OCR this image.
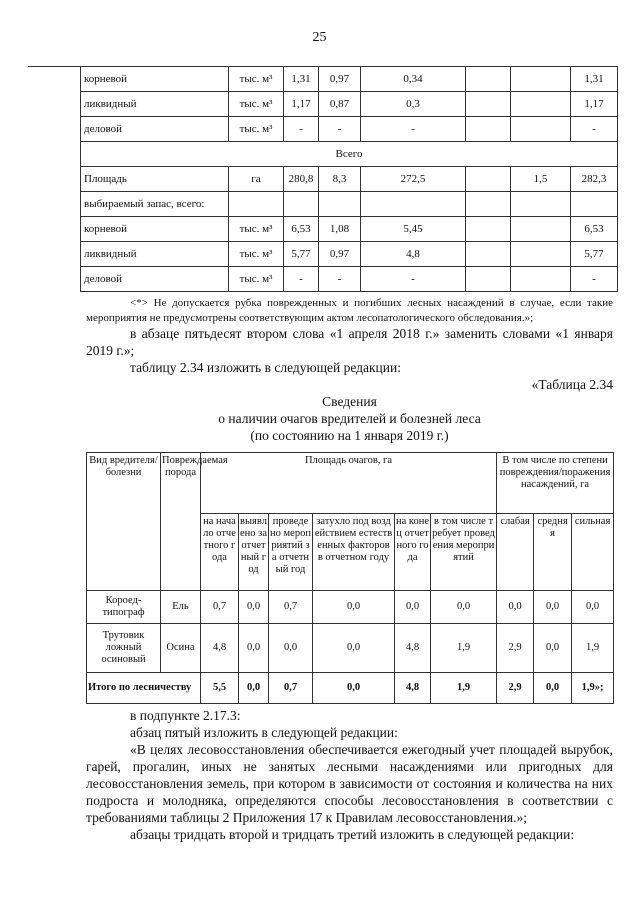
25
корневой	тыс. м³	1,31	0,97	0,34			1,31
ликвидный	тыс. м³	1,17	0,87	0,3			1,17
деловой	тыс. м³	-	-	-			-
Всего							
Площадь	га	280,8	8,3	272,5		1,5	282,3
выбираемый запас, всего:							
корневой	тыс. м³	6,53	1,08	5,45			6,53
ликвидный	тыс. м³	5,77	0,97	4,8			5,77
деловой	тыс. м³	-	-	-			-
<*> Не допускается рубка поврежденных и погибших лесных насаждений в случае, если такие мероприятия не предусмотрены соответствующим актом лесопатологического обследования.»;
в абзаце пятьдесят втором слова «1 апреля 2018 г.» заменить словами «1 января 2019 г.»;
таблицу 2.34 изложить в следующей редакции:
«Таблица 2.34
Сведения
о наличии очагов вредителей и болезней леса
(по состоянию на 1 января 2019 г.)
Вид вредителя/ болезни	Повреждаемая порода	Площадь очагов, га						В том числе по степени повреждения/поражения насаждений, га		
		на начало отчетного года	выявлено за отчетный год	проведено мероприятий за отчетный год	затухло под воздействием естественных факторов в отчетном году	на конец отчетного года	в том числе требует проведения мероприятий	слабая	средняя	сильная
Короед-типограф	Ель	0,7	0,0	0,7	0,0	0,0	0,0	0,0	0,0	0,0
Трутовик ложный осиновый	Осина	4,8	0,0	0,0	0,0	4,8	1,9	2,9	0,0	1,9
Итого по лесничеству		5,5	0,0	0,7	0,0	4,8	1,9	2,9	0,0	1,9»;
в подпункте 2.17.3:
абзац пятый изложить в следующей редакции:
«В целях лесовосстановления обеспечивается ежегодный учет площадей вырубок, гарей, прогалин, иных не занятых лесными насаждениями или пригодных для лесовосстановления земель, при котором в зависимости от состояния и количества на них подроста и молодняка, определяются способы лесовосстановления в соответствии с требованиями таблицы 2 Приложения 17 к Правилам лесовосстановления.»;
абзацы тридцать второй и тридцать третий изложить в следующей редакции:
